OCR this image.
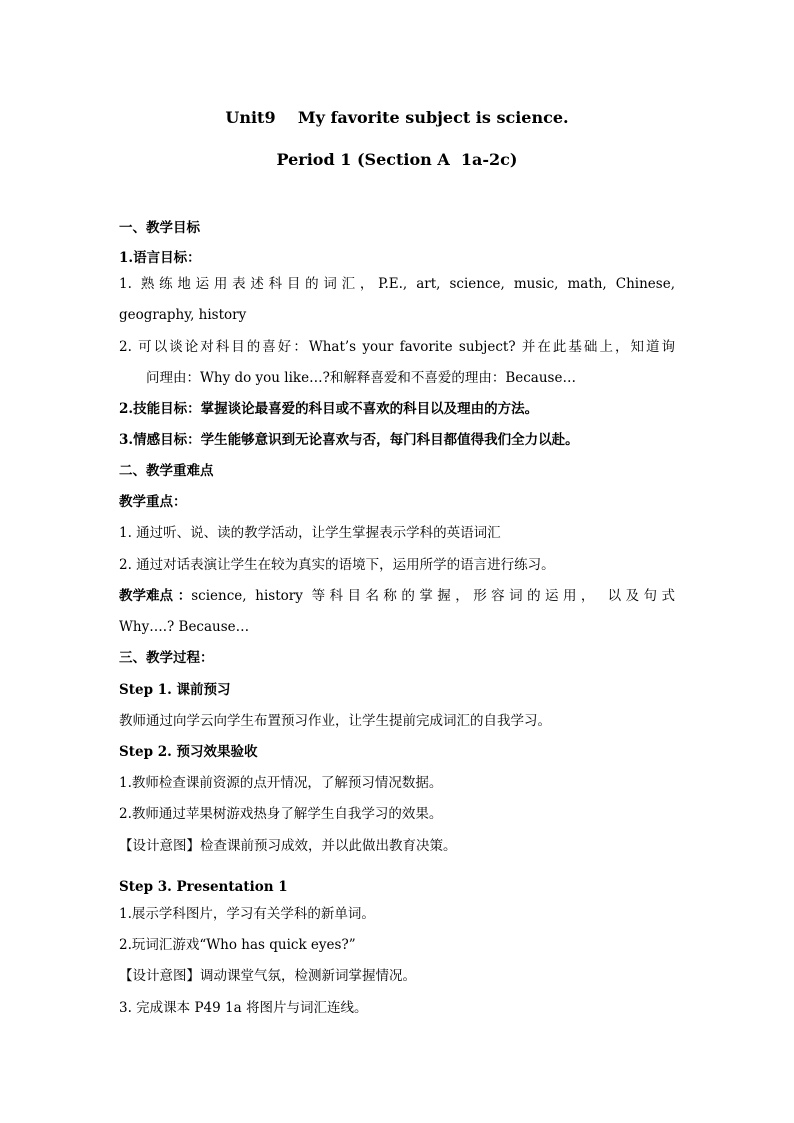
Unit9    My favorite subject is science.
Period 1 (Section A  1a-2c)
一、教学目标
1.语言目标：
1. 熟练地运用表述科目的词汇，P.E., art, science, music, math, Chinese,
geography, history
2. 可以谈论对科目的喜好：What’s your favorite subject? 并在此基础上，知道询
问理由：Why do you like…?和解释喜爱和不喜爱的理由：Because…
2.技能目标：掌握谈论最喜爱的科目或不喜欢的科目以及理由的方法。
3.情感目标：学生能够意识到无论喜欢与否，每门科目都值得我们全力以赴。
二、教学重难点
教学重点：
1. 通过听、说、读的教学活动，让学生掌握表示学科的英语词汇
2. 通过对话表演让学生在较为真实的语境下，运用所学的语言进行练习。
教学难点 ： science, history 等科目名称的掌握，形容词的运用， 以及句式
Why….? Because…
三、教学过程：
Step 1. 课前预习
教师通过向学云向学生布置预习作业，让学生提前完成词汇的自我学习。
Step 2. 预习效果验收
1.教师检查课前资源的点开情况，了解预习情况数据。
2.教师通过苹果树游戏热身了解学生自我学习的效果。
【设计意图】检查课前预习成效，并以此做出教育决策。
Step 3. Presentation 1
1.展示学科图片，学习有关学科的新单词。
2.玩词汇游戏“Who has quick eyes?”
【设计意图】调动课堂气氛，检测新词掌握情况。
3. 完成课本 P49 1a 将图片与词汇连线。
